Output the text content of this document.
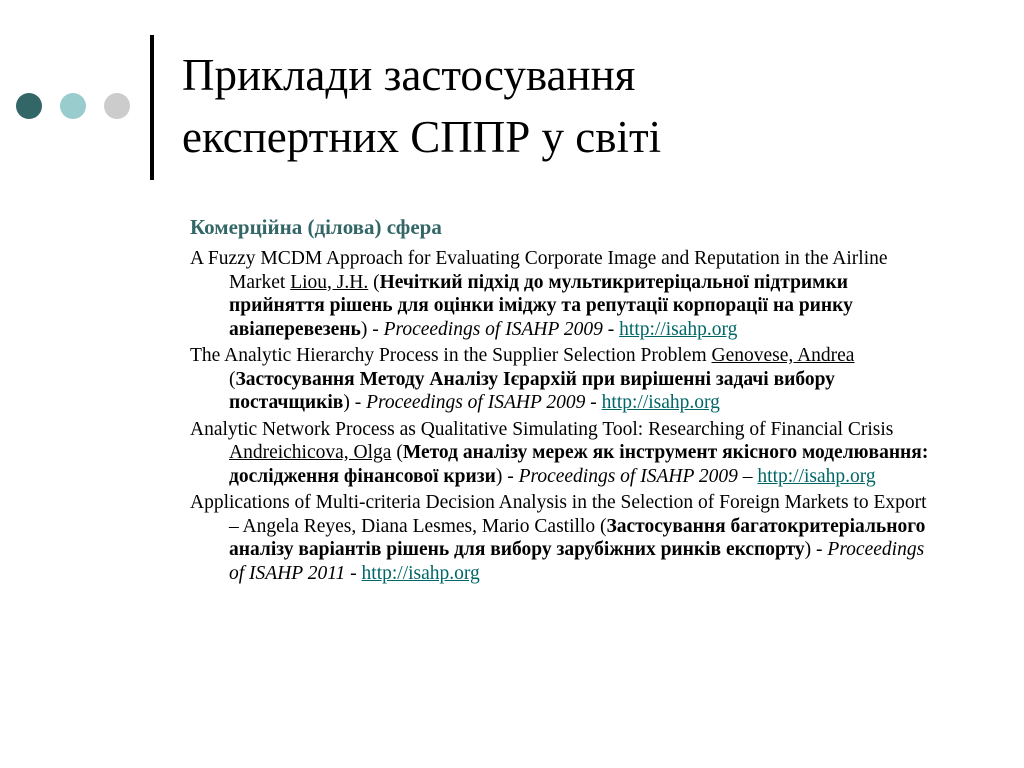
Приклади застосування
експертних СППР у світі

Комерційна (ділова) сфера

A Fuzzy MCDM Approach for Evaluating Corporate Image and Reputation in the Airline Market Liou, J.H. (Нечіткий підхід до мультикритеріцальної підтримки прийняття рішень для оцінки іміджу та репутації корпорації на ринку авіаперевезень) - Proceedings of ISAHP 2009 - http://isahp.org

The Analytic Hierarchy Process in the Supplier Selection Problem Genovese, Andrea (Застосування Методу Аналізу Ієрархій при вирішенні задачі вибору постачщиків) - Proceedings of ISAHP 2009 - http://isahp.org

Analytic Network Process as Qualitative Simulating Tool: Researching of Financial Crisis Andreichicova, Olga (Метод аналізу мереж як інструмент якісного моделювання: дослідження фінансової кризи) - Proceedings of ISAHP 2009 – http://isahp.org

Applications of Multi-criteria Decision Analysis in the Selection of Foreign Markets to Export – Angela Reyes, Diana Lesmes, Mario Castillo (Застосування багатокритеріального аналізу варіантів рішень для вибору зарубіжних ринків експорту) - Proceedings of ISAHP 2011 - http://isahp.org
